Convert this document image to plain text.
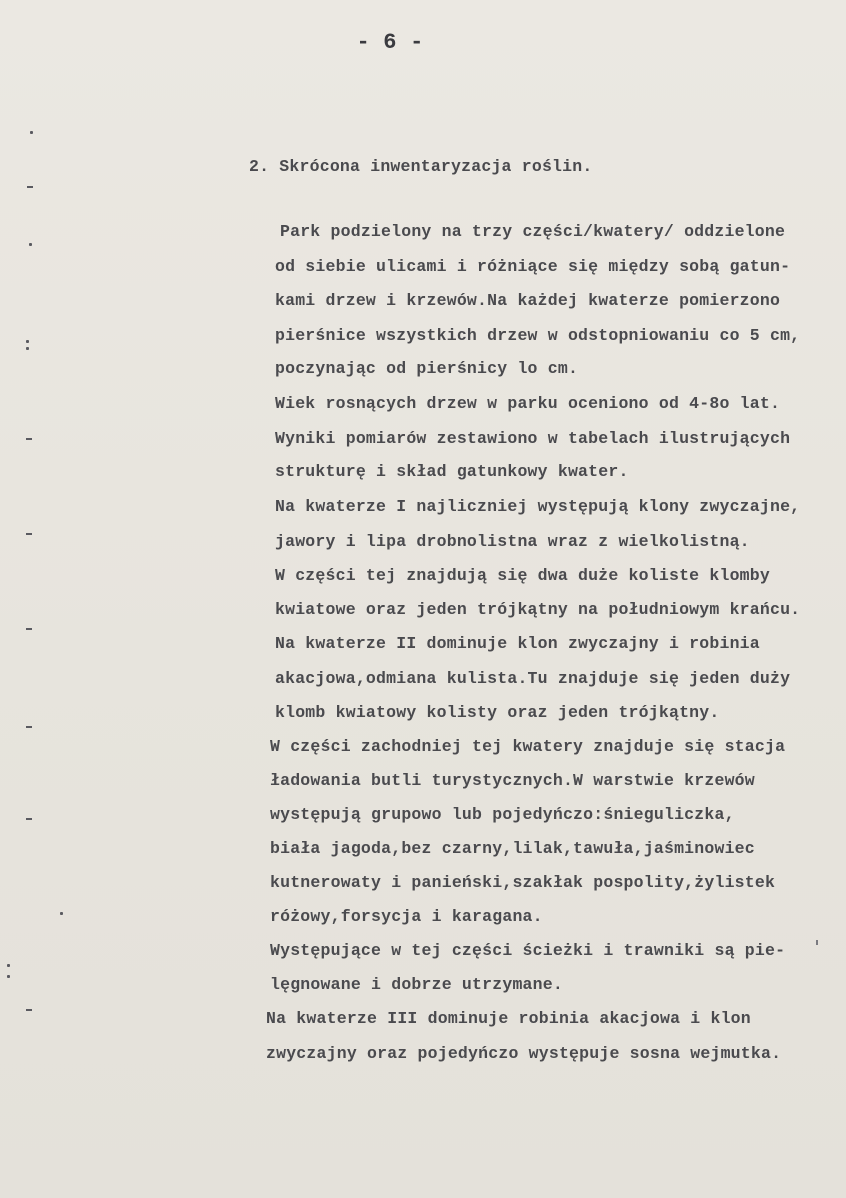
- 6 -
2. Skrócona inwentaryzacja roślin.
Park podzielony na trzy części/kwatery/ oddzielone
od siebie ulicami i różniące się między sobą gatun-
kami drzew i krzewów.Na każdej kwaterze pomierzono
pierśnice wszystkich drzew w odstopniowaniu co 5 cm,
poczynając od pierśnicy lo cm.
Wiek rosnących drzew w parku oceniono od 4-8o lat.
Wyniki pomiarów zestawiono w tabelach ilustrujących
strukturę i skład gatunkowy kwater.
Na kwaterze I najliczniej występują klony zwyczajne,
jawory i lipa drobnolistna wraz z wielkolistną.
W części tej znajdują się dwa duże koliste klomby
kwiatowe oraz jeden trójkątny na południowym krańcu.
Na kwaterze II dominuje klon zwyczajny i robinia
akacjowa,odmiana kulista.Tu znajduje się jeden duży
klomb kwiatowy kolisty oraz jeden trójkątny.
W części zachodniej tej kwatery znajduje się stacja
ładowania butli turystycznych.W warstwie krzewów
występują grupowo lub pojedyńczo:śnieguliczka,
biała jagoda,bez czarny,lilak,tawuła,jaśminowiec
kutnerowaty i panieński,szakłak pospolity,żylistek
różowy,forsycja i karagana.
Występujące w tej części ścieżki i trawniki są pie-
lęgnowane i dobrze utrzymane.
Na kwaterze III dominuje robinia akacjowa i klon
zwyczajny oraz pojedyńczo występuje sosna wejmutka.
